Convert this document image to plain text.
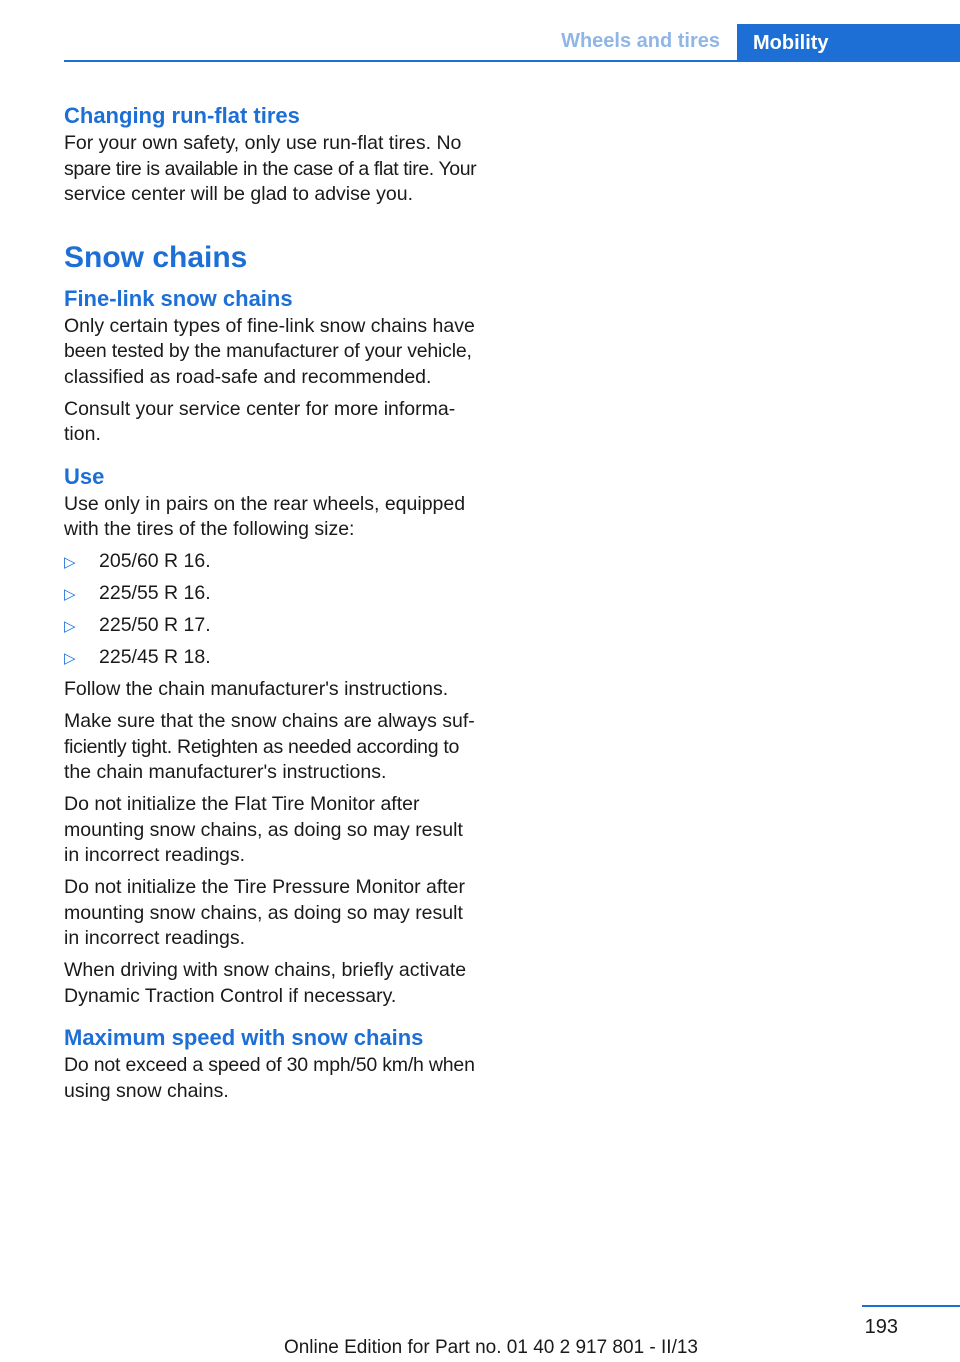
Wheels and tires	Mobility
Changing run-flat tires

For your own safety, only use run-flat tires. No

spare tire is available in the case of a flat tire. Your

service center will be glad to advise you.

Snow chains
Fine-link snow chains

Only certain types of fine-link snow chains have

been tested by the manufacturer of your vehicle,

classified as road-safe and recommended.

Consult your service center for more informa-

tion.

Use

Use only in pairs on the rear wheels, equipped

with the tires of the following size:

▷ 205/60 R 16.
▷ 225/55 R 16.
▷ 225/50 R 17.
▷ 225/45 R 18.

Follow the chain manufacturer's instructions.

Make sure that the snow chains are always suf-

ficiently tight. Retighten as needed according to

the chain manufacturer's instructions.

Do not initialize the Flat Tire Monitor after

mounting snow chains, as doing so may result

in incorrect readings.

Do not initialize the Tire Pressure Monitor after

mounting snow chains, as doing so may result

in incorrect readings.

When driving with snow chains, briefly activate

Dynamic Traction Control if necessary.

Maximum speed with snow chains

Do not exceed a speed of 30 mph/50 km/h when

using snow chains.

193
Online Edition for Part no. 01 40 2 917 801 - II/13
